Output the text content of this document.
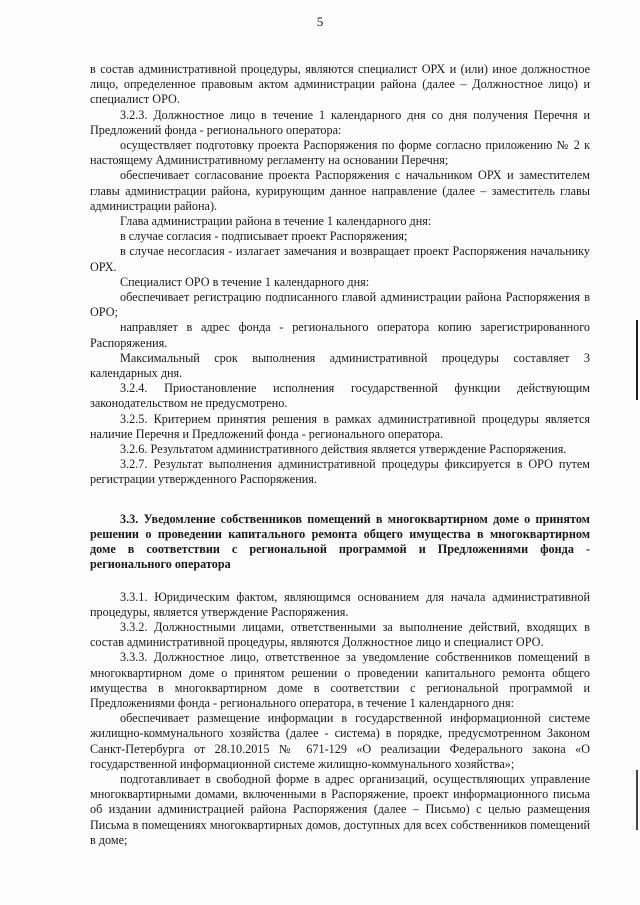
5

в состав административной процедуры, являются специалист ОРХ и (или) иное должностное лицо, определенное правовым актом администрации района (далее – Должностное лицо) и специалист ОРО.

3.2.3. Должностное лицо в течение 1 календарного дня со дня получения Перечня и Предложений фонда - регионального оператора:

осуществляет подготовку проекта Распоряжения по форме согласно приложению № 2 к настоящему Административному регламенту на основании Перечня;

обеспечивает согласование проекта Распоряжения с начальником ОРХ и заместителем главы администрации района, курирующим данное направление (далее – заместитель главы администрации района).

Глава администрации района в течение 1 календарного дня:

в случае согласия - подписывает проект Распоряжения;

в случае несогласия - излагает замечания и возвращает проект Распоряжения начальнику ОРХ.

Специалист ОРО в течение 1 календарного дня:

обеспечивает регистрацию подписанного главой администрации района Распоряжения в ОРО;

направляет в адрес фонда - регионального оператора копию зарегистрированного Распоряжения.

Максимальный срок выполнения административной процедуры составляет 3 календарных дня.

3.2.4. Приостановление исполнения государственной функции действующим законодательством не предусмотрено.

3.2.5. Критерием принятия решения в рамках административной процедуры является наличие Перечня и Предложений фонда - регионального оператора.

3.2.6. Результатом административного действия является утверждение Распоряжения.

3.2.7. Результат выполнения административной процедуры фиксируется в ОРО путем регистрации утвержденного Распоряжения.

3.3. Уведомление собственников помещений в многоквартирном доме о принятом решении о проведении капитального ремонта общего имущества в многоквартирном доме в соответствии с региональной программой и Предложениями фонда - регионального оператора

3.3.1. Юридическим фактом, являющимся основанием для начала административной процедуры, является утверждение Распоряжения.

3.3.2. Должностными лицами, ответственными за выполнение действий, входящих в состав административной процедуры, являются Должностное лицо и специалист ОРО.

3.3.3. Должностное лицо, ответственное за уведомление собственников помещений в многоквартирном доме о принятом решении о проведении капитального ремонта общего имущества в многоквартирном доме в соответствии с региональной программой и Предложениями фонда - регионального оператора, в течение 1 календарного дня:

обеспечивает размещение информации в государственной информационной системе жилищно-коммунального хозяйства (далее - система) в порядке, предусмотренном Законом Санкт-Петербурга от 28.10.2015 № 671-129 «О реализации Федерального закона «О государственной информационной системе жилищно-коммунального хозяйства»;

подготавливает в свободной форме в адрес организаций, осуществляющих управление многоквартирными домами, включенными в Распоряжение, проект информационного письма об издании администрацией района Распоряжения (далее – Письмо) с целью размещения Письма в помещениях многоквартирных домов, доступных для всех собственников помещений в доме;
